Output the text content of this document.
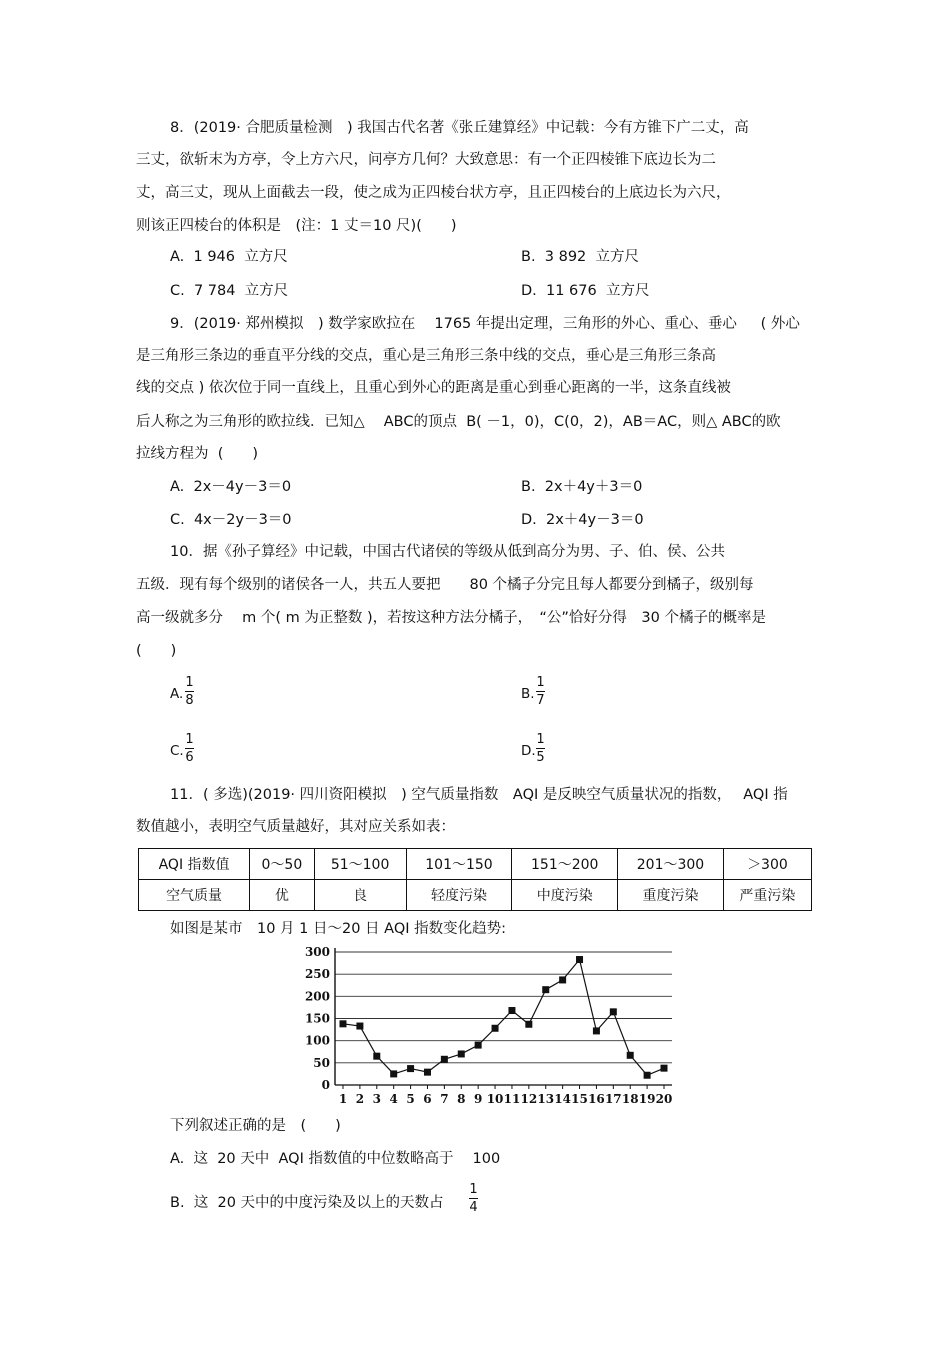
8．(2019· 合肥质量检测　) 我国古代名著《张丘建算经》中记载：今有方锥下广二丈，高
三丈，欲斩末为方亭，令上方六尺，问亭方几何？大致意思：有一个正四棱锥下底边长为二
丈，高三丈，现从上面截去一段，使之成为正四棱台状方亭，且正四棱台的上底边长为六尺，
则该正四棱台的体积是　(注：1 丈＝10 尺)(　　)
A.  1 946  立方尺	B.  3 892  立方尺
C.  7 784  立方尺	D.  11 676  立方尺
9．(2019· 郑州模拟　) 数学家欧拉在　 1765 年提出定理，三角形的外心、重心、垂心　  ( 外心
是三角形三条边的垂直平分线的交点，重心是三角形三条中线的交点，垂心是三角形三条高
线的交点 ) 依次位于同一直线上，且重心到外心的距离是重心到垂心距离的一半，这条直线被
后人称之为三角形的欧拉线．已知△　 ABC的顶点  B( －1，0)，C(0，2)，AB＝AC，则△ ABC的欧
拉线方程为  (　　)
A.  2x－4y－3＝0	B.  2x＋4y＋3＝0
C.  4x－2y－3＝0	D.  2x＋4y－3＝0
10．据《孙子算经》中记载，中国古代诸侯的等级从低到高分为男、子、伯、侯、公共
五级．现有每个级别的诸侯各一人，共五人要把　　80 个橘子分完且每人都要分到橘子，级别每
高一级就多分　 m 个( m 为正整数 )，若按这种方法分橘子，　“公”恰好分得　30 个橘子的概率是
(　　)
A.
1
8	B.
1
7
C.
1
6	D.
1
5
11．( 多选)(2019· 四川资阳模拟　) 空气质量指数　AQI 是反映空气质量状况的指数，　 AQI 指
数值越小，表明空气质量越好，其对应关系如表：
AQI 指数值	0～50	51～100	101～150	151～200	201～300	＞300
空气质量	优	良	轻度污染	中度污染	重度污染	严重污染
如图是某市　10 月 1 日～20 日 AQI 指数变化趋势:
0
50
100
150
200
250
300
1 2 3 4 5 6 7 8 9 10 11 12 13 14 15 16 17 18 19 20
下列叙述正确的是　(　　)
A.  这  20 天中  AQI 指数值的中位数略高于　 100
B.  这  20 天中的中度污染及以上的天数占
1
4
